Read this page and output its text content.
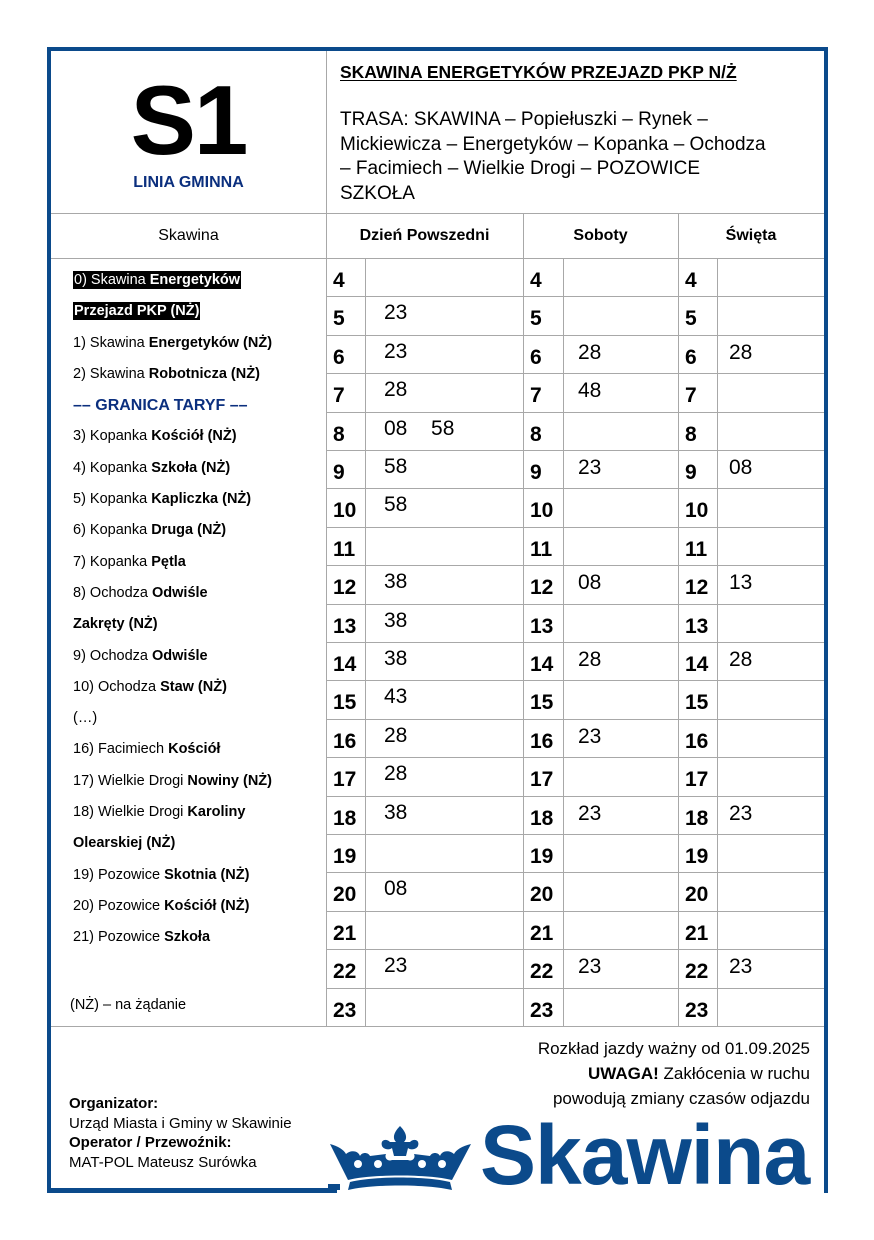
S1
LINIA GMINNA
SKAWINA ENERGETYKÓW PRZEJAZD PKP N/Ż
TRASA: SKAWINA – Popiełuszki – Rynek – Mickiewicza – Energetyków – Kopanka – Ochodza – Facimiech – Wielkie Drogi – POZOWICE SZKOŁA
Skawina	Dzień Powszedni	Soboty	Święta
0) Skawina Energetyków
Przejazd PKP (NŻ)
1) Skawina Energetyków (NŻ)
2) Skawina Robotnicza (NŻ)
–– GRANICA TARYF ––
3) Kopanka Kościół (NŻ)
4) Kopanka Szkoła (NŻ)
5) Kopanka Kapliczka (NŻ)
6) Kopanka Druga (NŻ)
7) Kopanka Pętla
8) Ochodza Odwiśle
Zakręty (NŻ)
9) Ochodza Odwiśle
10) Ochodza Staw (NŻ)
(…)
16) Facimiech Kościół
17) Wielkie Drogi Nowiny (NŻ)
18) Wielkie Drogi Karoliny
Olearskiej (NŻ)
19) Pozowice Skotnia (NŻ)
20) Pozowice Kościół (NŻ)
21) Pozowice Szkoła
(NŻ) – na żądanie
4	4	4
5 23	5	5
6 23	6 28	6 28
7 28	7 48	7
8 08  58	8	8
9 58	9 23	9 08
10 58	10	10
11	11	11
12 38	12 08	12 13
13 38	13	13
14 38	14 28	14 28
15 43	15	15
16 28	16 23	16
17 28	17	17
18 38	18 23	18 23
19	19	19
20 08	20	20
21	21	21
22 23	22 23	22 23
23	23	23
Rozkład jazdy ważny od 01.09.2025
UWAGA! Zakłócenia w ruchu
powodują zmiany czasów odjazdu
Organizator:
Urząd Miasta i Gminy w Skawinie
Operator / Przewoźnik:
MAT-POL Mateusz Surówka	Skawina
